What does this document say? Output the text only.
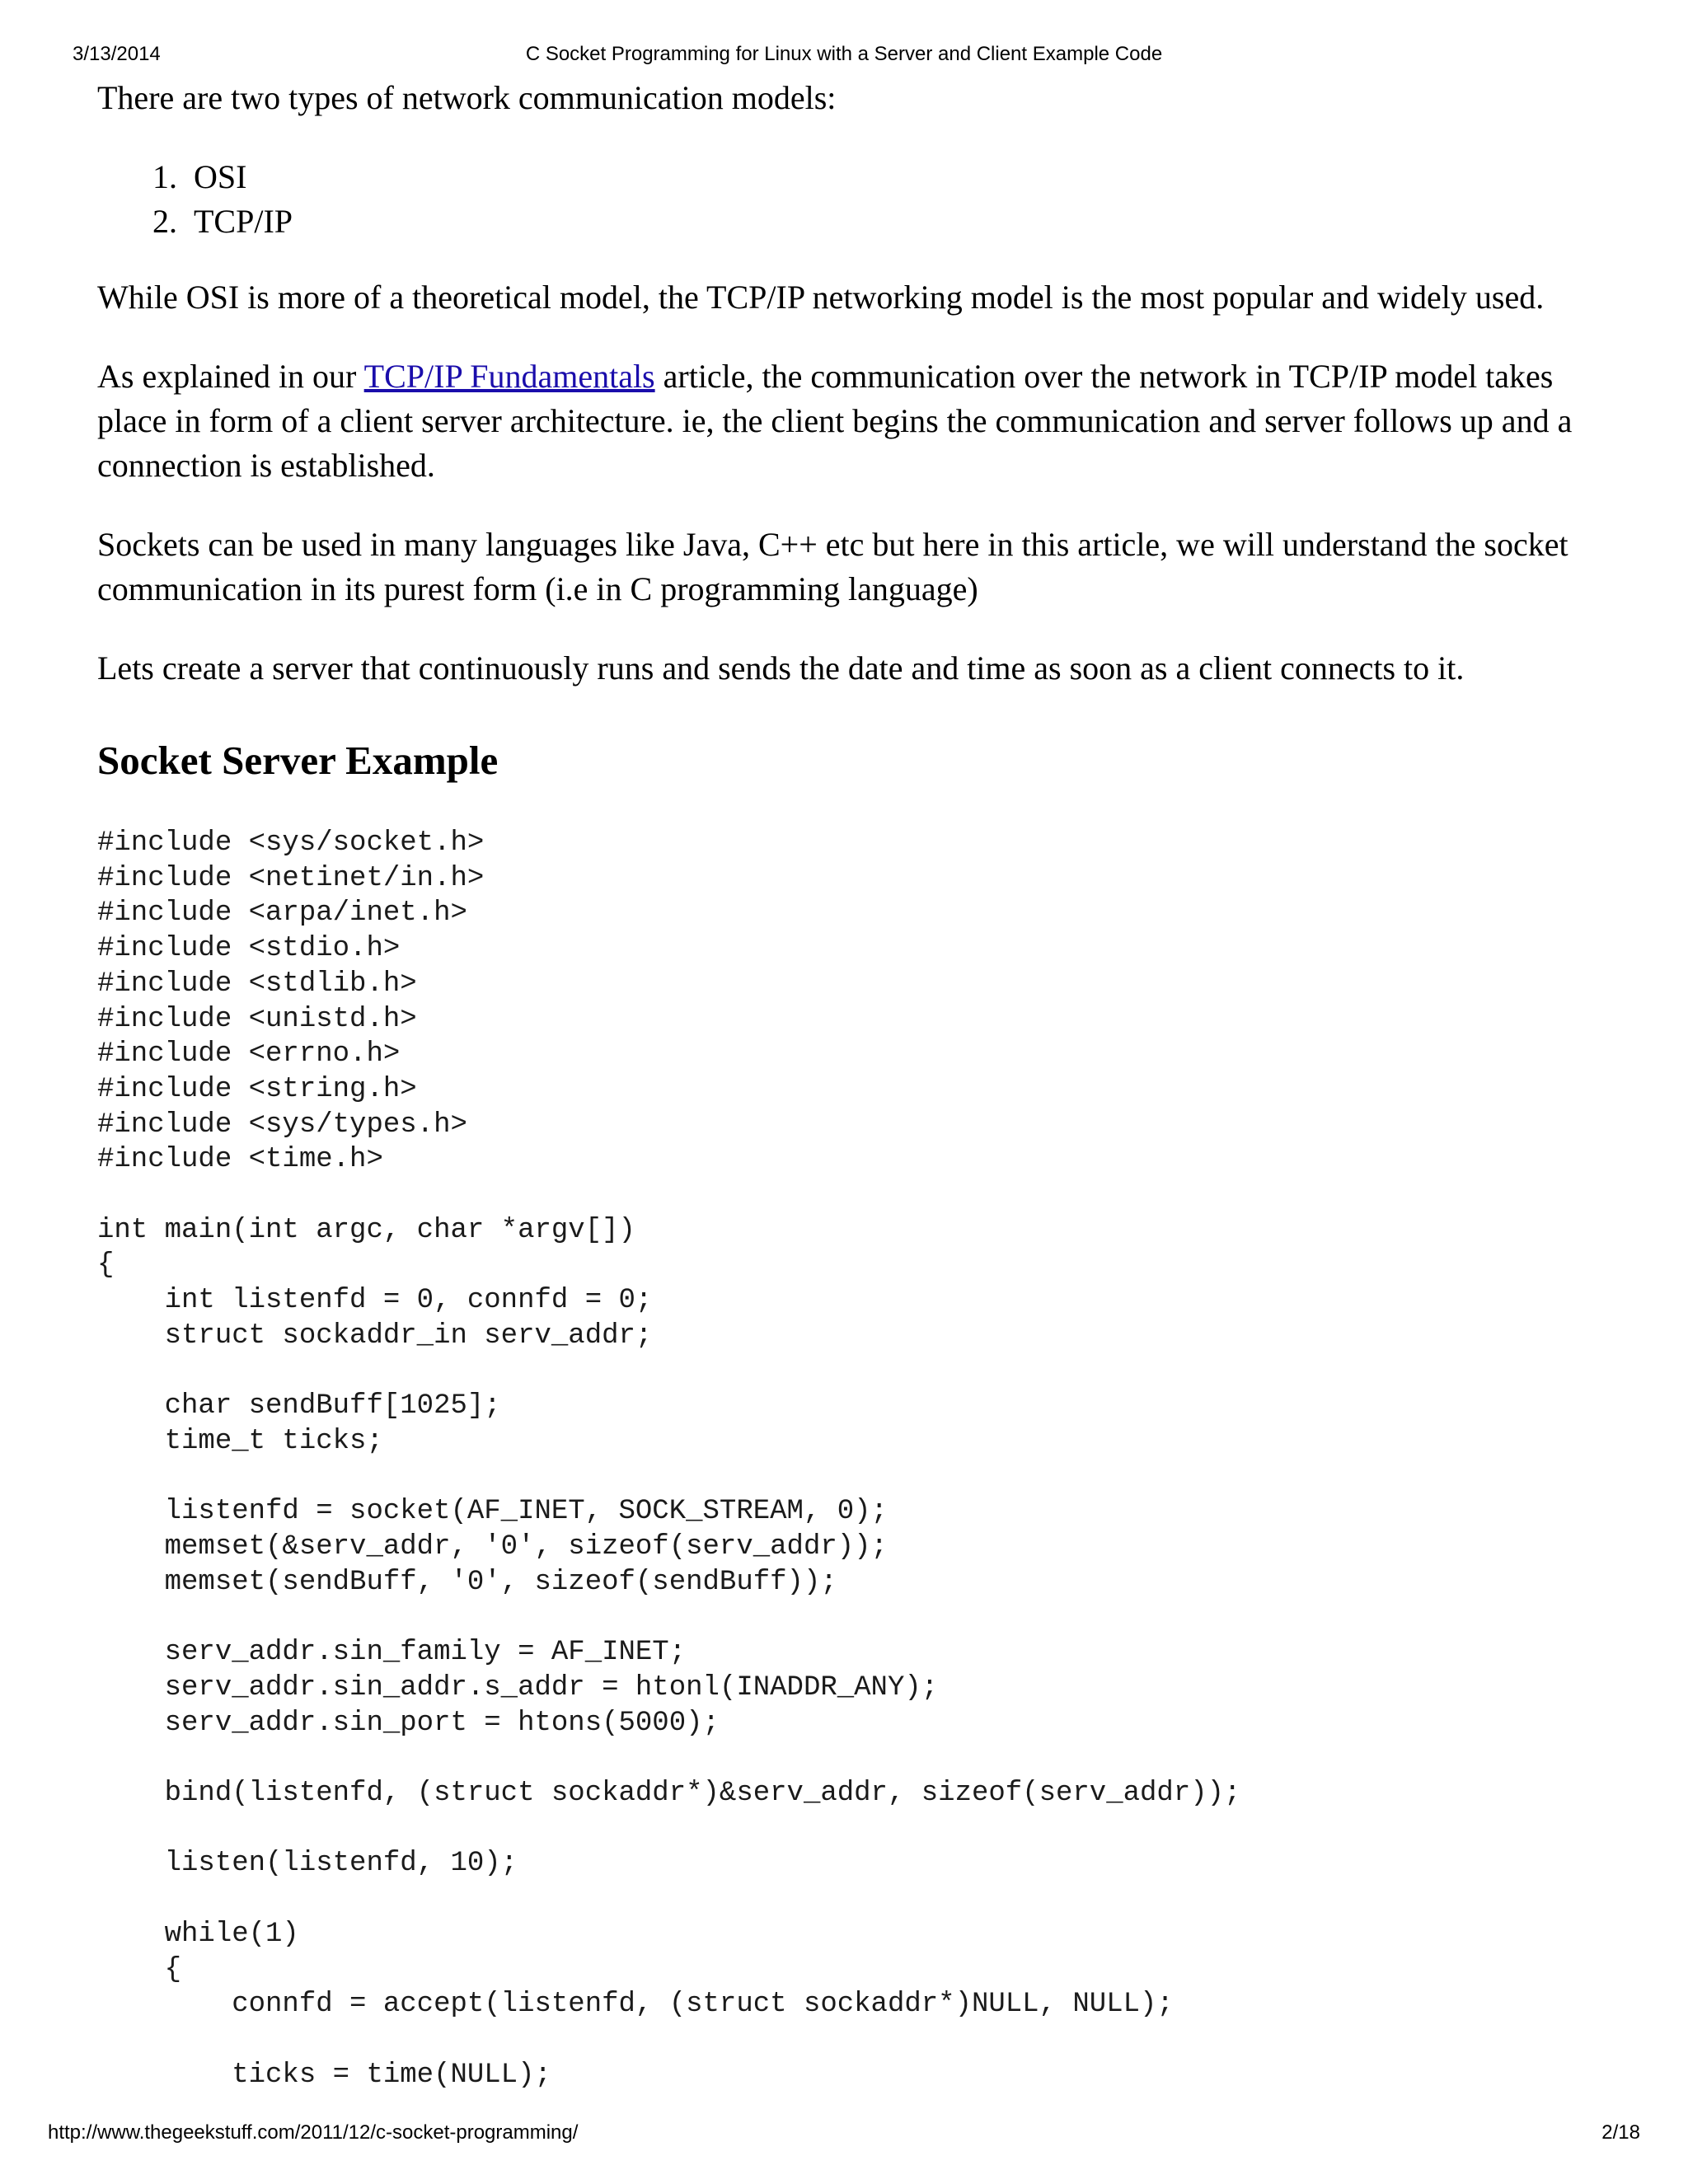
3/13/2014	C Socket Programming for Linux with a Server and Client Example Code

There are two types of network communication models:

1. OSI
2. TCP/IP

While OSI is more of a theoretical model, the TCP/IP networking model is the most popular and widely used.

As explained in our TCP/IP Fundamentals article, the communication over the network in TCP/IP model takes place in form of a client server architecture. ie, the client begins the communication and server follows up and a connection is established.

Sockets can be used in many languages like Java, C++ etc but here in this article, we will understand the socket communication in its purest form (i.e in C programming language)

Lets create a server that continuously runs and sends the date and time as soon as a client connects to it.

Socket Server Example
#include <sys/socket.h>
#include <netinet/in.h>
#include <arpa/inet.h>
#include <stdio.h>
#include <stdlib.h>
#include <unistd.h>
#include <errno.h>
#include <string.h>
#include <sys/types.h>
#include <time.h>

int main(int argc, char *argv[])
{
int listenfd = 0, connfd = 0;
struct sockaddr_in serv_addr;

char sendBuff[1025];
time_t ticks;

listenfd = socket(AF_INET, SOCK_STREAM, 0);
memset(&serv_addr, '0', sizeof(serv_addr));
memset(sendBuff, '0', sizeof(sendBuff));

serv_addr.sin_family = AF_INET;
serv_addr.sin_addr.s_addr = htonl(INADDR_ANY);
serv_addr.sin_port = htons(5000);

bind(listenfd, (struct sockaddr*)&serv_addr, sizeof(serv_addr));

listen(listenfd, 10);

while(1)
{
connfd = accept(listenfd, (struct sockaddr*)NULL, NULL);

ticks = time(NULL);
http://www.thegeekstuff.com/2011/12/c-socket-programming/	2/18
